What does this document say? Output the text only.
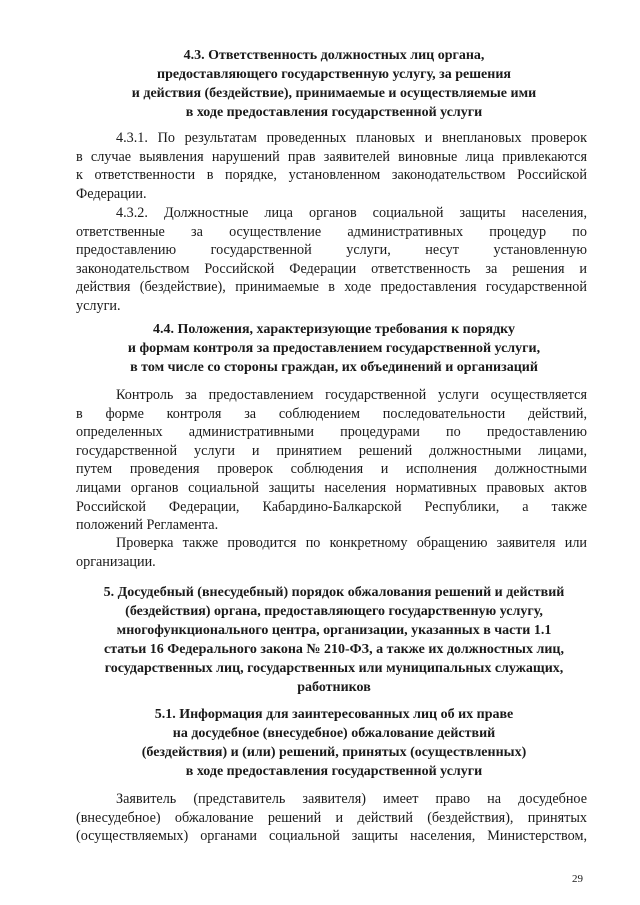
4.3. Ответственность должностных лиц органа,
предоставляющего государственную услугу, за решения
и действия (бездействие), принимаемые и осуществляемые ими
в ходе предоставления государственной услуги
4.3.1. По результатам проведенных плановых и внеплановых проверок
в случае выявления нарушений прав заявителей виновные лица привлекаются
к ответственности в порядке, установленном законодательством Российской
Федерации.
4.3.2. Должностные лица органов социальной защиты населения,
ответственные за осуществление административных процедур по
предоставлению государственной услуги, несут установленную
законодательством Российской Федерации ответственность за решения и
действия (бездействие), принимаемые в ходе предоставления государственной
услуги.
4.4. Положения, характеризующие требования к порядку
и формам контроля за предоставлением государственной услуги,
в том числе со стороны граждан, их объединений и организаций
Контроль за предоставлением государственной услуги осуществляется
в форме контроля за соблюдением последовательности действий,
определенных административными процедурами по предоставлению
государственной услуги и принятием решений должностными лицами,
путем проведения проверок соблюдения и исполнения должностными
лицами органов социальной защиты населения нормативных правовых актов
Российской Федерации, Кабардино-Балкарской Республики, а также
положений Регламента.
Проверка также проводится по конкретному обращению заявителя или
организации.
5. Досудебный (внесудебный) порядок обжалования решений и действий
(бездействия) органа, предоставляющего государственную услугу,
многофункционального центра, организации, указанных в части 1.1
статьи 16 Федерального закона № 210-ФЗ, а также их должностных лиц,
государственных лиц, государственных или муниципальных служащих,
работников
5.1. Информация для заинтересованных лиц об их праве
на досудебное (внесудебное) обжалование действий
(бездействия) и (или) решений, принятых (осуществленных)
в ходе предоставления государственной услуги
Заявитель (представитель заявителя) имеет право на досудебное
(внесудебное) обжалование решений и действий (бездействия), принятых
(осуществляемых) органами социальной защиты населения, Министерством,
29
